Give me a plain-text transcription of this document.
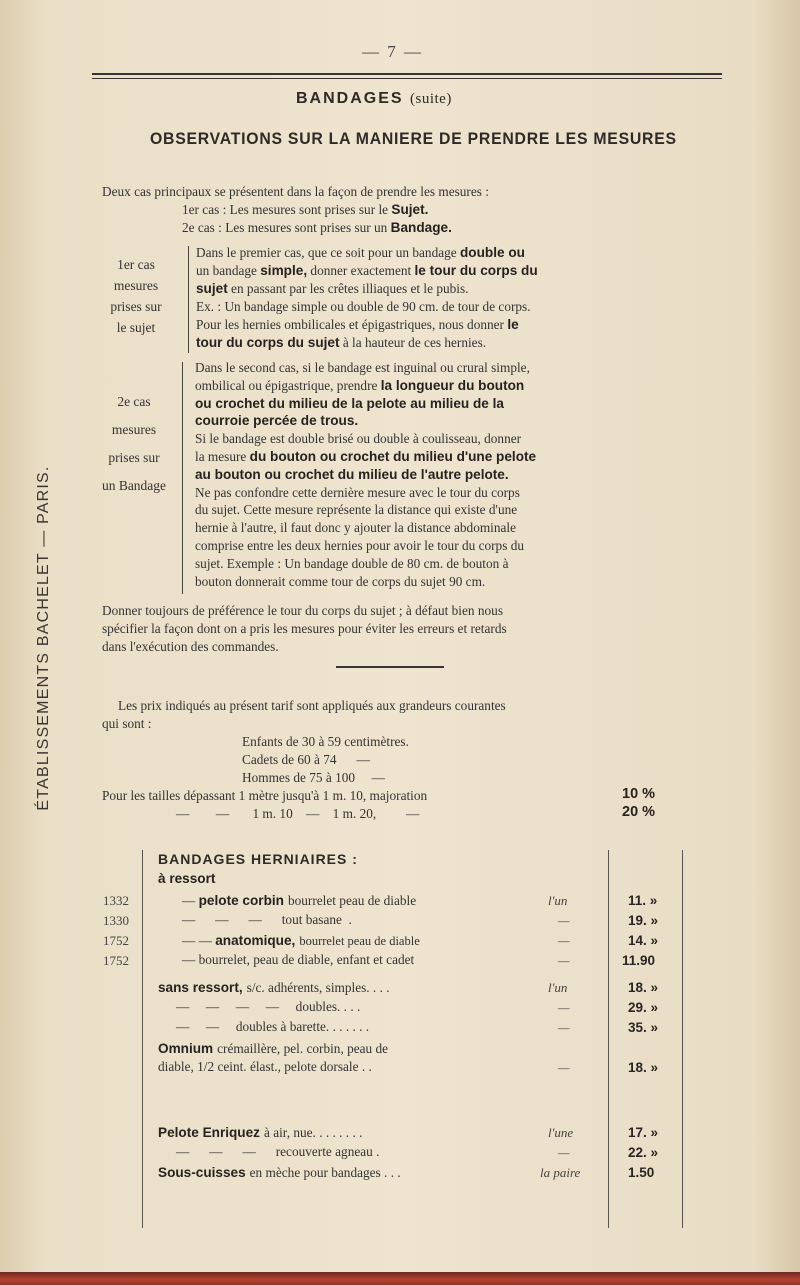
ÉTABLISSEMENTS BACHELET — PARIS.
— 7 —
BANDAGES (suite)
OBSERVATIONS SUR LA MANIERE DE PRENDRE LES MESURES
Deux cas principaux se présentent dans la façon de prendre les mesures :
1er cas : Les mesures sont prises sur le Sujet.
2e cas : Les mesures sont prises sur un Bandage.
1er cas
mesures
prises sur
le sujet
Dans le premier cas, que ce soit pour un bandage double ou
un bandage simple, donner exactement le tour du corps du
sujet en passant par les crêtes illiaques et le pubis.
Ex. : Un bandage simple ou double de 90 cm. de tour de corps.
Pour les hernies ombilicales et épigastriques, nous donner le
tour du corps du sujet à la hauteur de ces hernies.
2e cas
mesures
prises sur
un Bandage
Dans le second cas, si le bandage est inguinal ou crural simple,
ombilical ou épigastrique, prendre la longueur du bouton
ou crochet du milieu de la pelote au milieu de la
courroie percée de trous.
Si le bandage est double brisé ou double à coulisseau, donner
la mesure du bouton ou crochet du milieu d'une pelote
au bouton ou crochet du milieu de l'autre pelote.
Ne pas confondre cette dernière mesure avec le tour du corps
du sujet. Cette mesure représente la distance qui existe d'une
hernie à l'autre, il faut donc y ajouter la distance abdominale
comprise entre les deux hernies pour avoir le tour du corps du
sujet. Exemple : Un bandage double de 80 cm. de bouton à
bouton donnerait comme tour de corps du sujet 90 cm.
Donner toujours de préférence le tour du corps du sujet ; à défaut bien nous
spécifier la façon dont on a pris les mesures pour éviter les erreurs et retards
dans l'exécution des commandes.
Les prix indiqués au présent tarif sont appliqués aux grandeurs courantes
qui sont :
Enfants de 30 à 59 centimètres.
Cadets de 60 à 74      —
Hommes de 75 à 100     —
Pour les tailles dépassant 1 mètre jusqu'à 1 m. 10, majoration	10 %
—        —       1 m. 10    —    1 m. 20,         —	20 %
BANDAGES HERNIAIRES :
à ressort
1332	— pelote corbin bourrelet peau de diable	l'un	11. »
1330	—      —      —      tout basane  .	—	19. »
1752	— — anatomique, bourrelet peau de diable	—	14. »
1752	— bourrelet, peau de diable, enfant et cadet	—	11.90
sans ressort, s/c. adhérents, simples. . . .	l'un	18. »
—     —     —     —     doubles. . . .	—	29. »
—     —     doubles à barette. . . . . . .	—	35. »
Omnium crémaillère, pel. corbin, peau de
diable, 1/2 ceint. élast., pelote dorsale . .	—	18. »
Pelote Enriquez à air, nue. . . . . . . .	l'une	17. »
—      —      —      recouverte agneau .	—	22. »
Sous-cuisses en mèche pour bandages . . .	la paire	1.50
